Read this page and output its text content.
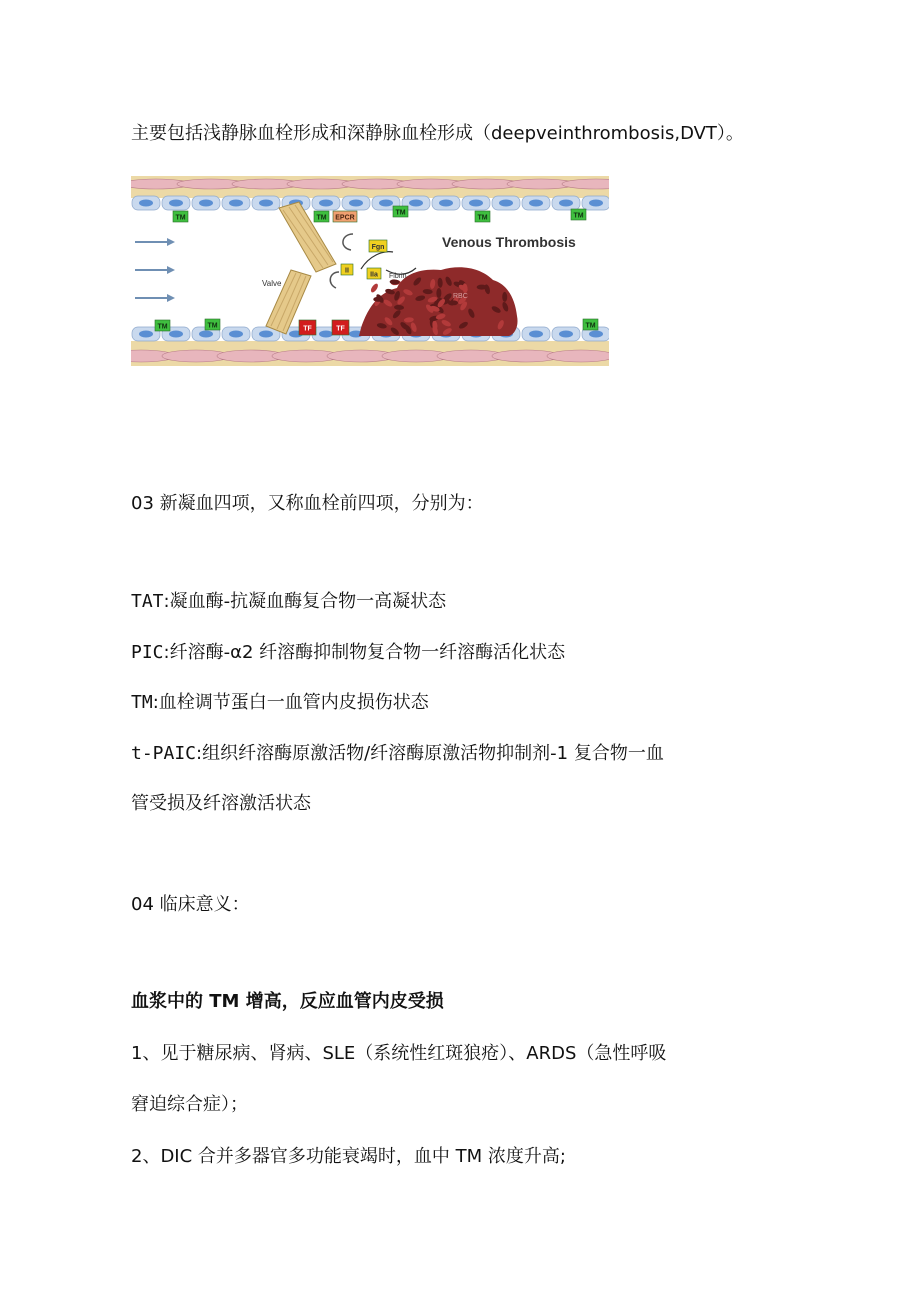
主要包括浅静脉血栓形成和深静脉血栓形成（deepveinthrombosis,DVT）。
Venous Thrombosis
Valve
Fibrin
RBC
TM	TM
TM
TM	TM
TM	TM	TM
EPCR
Fgn
II
IIa
TF	TF
03 新凝血四项，又称血栓前四项，分别为：
TAT:凝血酶-抗凝血酶复合物一高凝状态
PIC:纤溶酶-α2 纤溶酶抑制物复合物一纤溶酶活化状态
TM:血栓调节蛋白一血管内皮损伤状态
t-PAIC:组织纤溶酶原激活物/纤溶酶原激活物抑制剂-1 复合物一血
管受损及纤溶激活状态
04 临床意义：
血浆中的 TM 增高，反应血管内皮受损
1、见于糖尿病、肾病、SLE（系统性红斑狼疮）、ARDS（急性呼吸
窘迫综合症）；
2、DIC 合并多器官多功能衰竭时，血中 TM 浓度升高;
